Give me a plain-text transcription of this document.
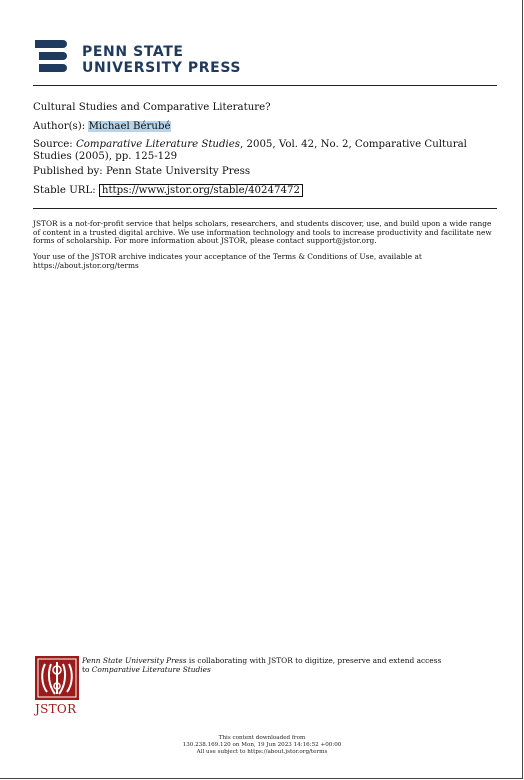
PENN STATE
UNIVERSITY PRESS
Cultural Studies and Comparative Literature?
Author(s): Michael Bérubé
Source: Comparative Literature Studies, 2005, Vol. 42, No. 2, Comparative Cultural
Studies (2005), pp. 125-129
Published by: Penn State University Press
Stable URL: https://www.jstor.org/stable/40247472
JSTOR is a not-for-profit service that helps scholars, researchers, and students discover, use, and build upon a wide range of content in a trusted digital archive. We use information technology and tools to increase productivity and facilitate new forms of scholarship. For more information about JSTOR, please contact support@jstor.org.
Your use of the JSTOR archive indicates your acceptance of the Terms & Conditions of Use, available at https://about.jstor.org/terms
JSTOR
Penn State University Press is collaborating with JSTOR to digitize, preserve and extend access
to Comparative Literature Studies
This content downloaded from
130.238.169.120 on Mon, 19 Jun 2023 14:16:52 +00:00
All use subject to https://about.jstor.org/terms
